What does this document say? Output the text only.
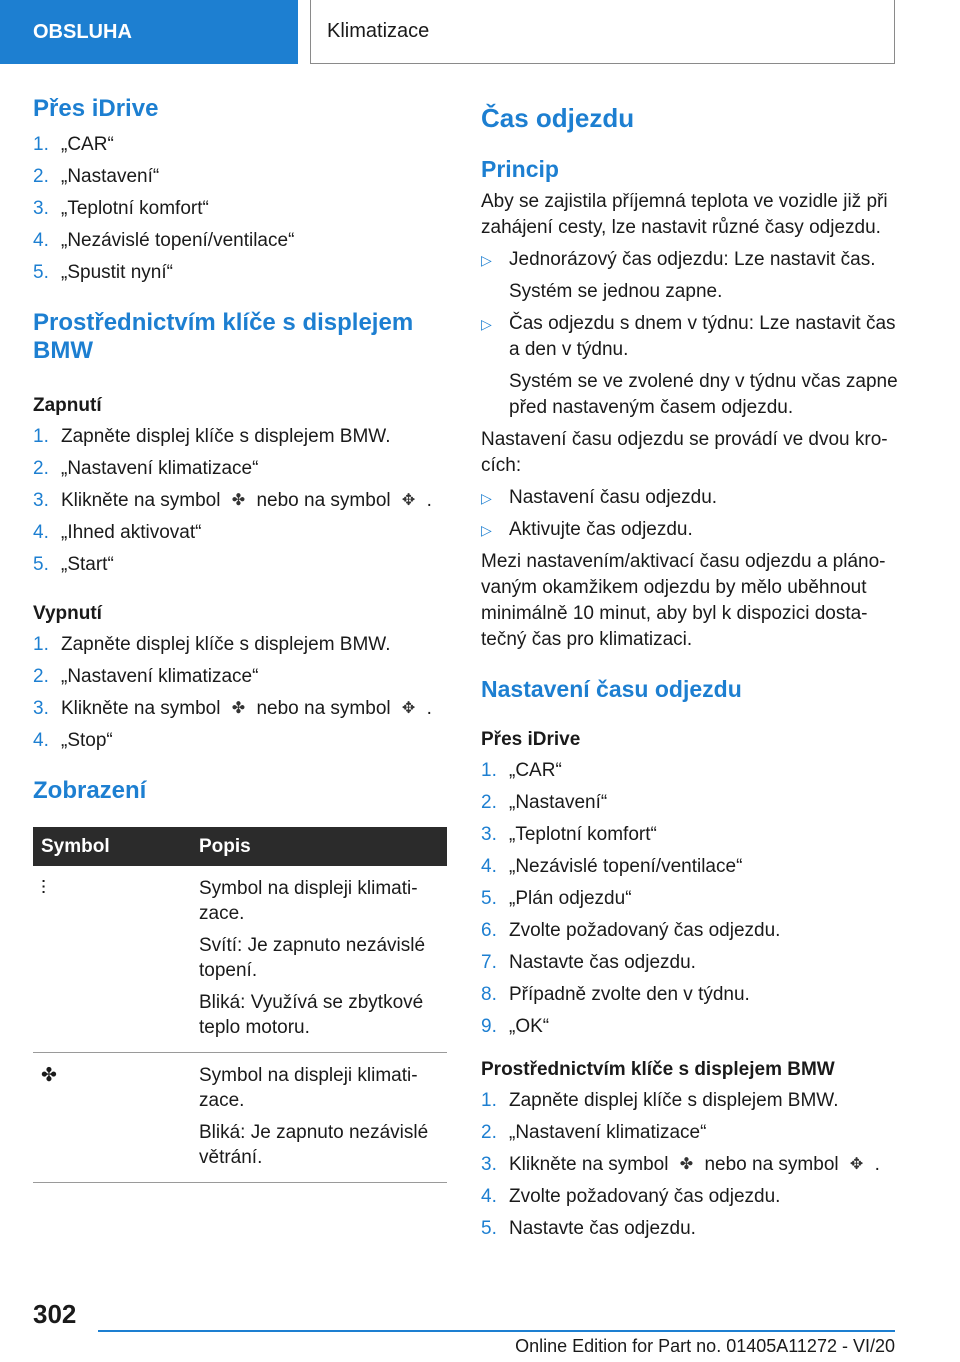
OBSLUHA	Klimatizace
Přes iDrive
1. „CAR“
2. „Nastavení“
3. „Teplotní komfort“
4. „Nezávislé topení/ventilace“
5. „Spustit nyní“
Prostřednictvím klíče s displejem BMW
Zapnutí
1. Zapněte displej klíče s displejem BMW.
2. „Nastavení klimatizace“
3. Klikněte na symbol ✤ nebo na symbol ✥ .
4. „Ihned aktivovat“
5. „Start“
Vypnutí
1. Zapněte displej klíče s displejem BMW.
2. „Nastavení klimatizace“
3. Klikněte na symbol ✤ nebo na symbol ✥ .
4. „Stop“
Zobrazení
Symbol	Popis
⫶	Symbol na displeji klimati-zace.
Svítí: Je zapnuto nezávislé topení.
Bliká: Využívá se zbytkové teplo motoru.

✤	Symbol na displeji klimati-zace.
Bliká: Je zapnuto nezávislé větrání.
Čas odjezdu
Princip

Aby se zajistila příjemná teplota ve vozidle již při zahájení cesty, lze nastavit různé časy odjezdu.

▷ Jednorázový čas odjezdu: Lze nastavit čas.
Systém se jednou zapne.
▷ Čas odjezdu s dnem v týdnu: Lze nastavit čas a den v týdnu.
Systém se ve zvolené dny v týdnu včas zapne před nastaveným časem odjezdu.

Nastavení času odjezdu se provádí ve dvou kro-cích:

▷ Nastavení času odjezdu.
▷ Aktivujte čas odjezdu.

Mezi nastavením/aktivací času odjezdu a pláno-vaným okamžikem odjezdu by mělo uběhnout minimálně 10 minut, aby byl k dispozici dosta-tečný čas pro klimatizaci.

Nastavení času odjezdu
Přes iDrive
1. „CAR“
2. „Nastavení“
3. „Teplotní komfort“
4. „Nezávislé topení/ventilace“
5. „Plán odjezdu“
6. Zvolte požadovaný čas odjezdu.
7. Nastavte čas odjezdu.
8. Případně zvolte den v týdnu.
9. „OK“
Prostřednictvím klíče s displejem BMW
1. Zapněte displej klíče s displejem BMW.
2. „Nastavení klimatizace“
3. Klikněte na symbol ✤ nebo na symbol ✥ .
4. Zvolte požadovaný čas odjezdu.
5. Nastavte čas odjezdu.
302
Online Edition for Part no. 01405A11272 - VI/20
